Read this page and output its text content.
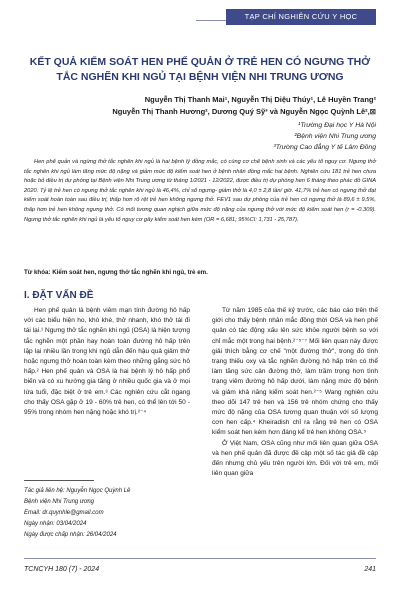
TẠP CHÍ NGHIÊN CỨU Y HỌC
KẾT QUẢ KIỂM SOÁT HEN PHẾ QUẢN Ở TRẺ HEN CÓ NGƯNG THỞ TẮC NGHẼN KHI NGỦ TẠI BỆNH VIỆN NHI TRUNG ƯƠNG
Nguyễn Thị Thanh Mai¹, Nguyễn Thị Diệu Thúy¹, Lê Huyền Trang²
Nguyễn Thị Thanh Hương², Dương Quý Sỹ³ và Nguyễn Ngọc Quỳnh Lê²,⊠
¹Trường Đại học Y Hà Nội
²Bệnh viện Nhi Trung ương
³Trường Cao đẳng Y tế Lâm Đồng
Hen phế quản và ngừng thở tắc nghẽn khi ngủ là hai bệnh lý đồng mắc, có cùng cơ chế bệnh sinh và các yếu tố nguy cơ. Ngưng thở tắc nghẽn khi ngủ làm tăng mức độ nặng và giảm mức độ kiểm soát hen ở bệnh nhân đồng mắc hai bệnh. Nghiên cứu 181 trẻ hen chưa hoặc bỏ điều trị dự phòng tại Bệnh viện Nhi Trung ương từ tháng 1/2021 - 12/2022, được điều trị dự phòng hen 6 tháng theo phác đồ GINA 2020. Tỷ lệ trẻ hen có ngưng thở tắc nghẽn khi ngủ là 46,4%, chỉ số ngưng- giảm thở là 4,0 ± 2,8 lần/ giờ. 41,7% trẻ hen có ngưng thở đạt kiểm soát hoàn toàn sau điều trị, thấp hơn rõ rệt trẻ hen không ngưng thở. FEV1 sau dự phòng của trẻ hen có ngưng thở là 89,6 ± 9,5%, thấp hơn trẻ hen không ngưng thở. Có mối tương quan nghịch giữa mức độ nặng của ngưng thở với mức độ kiểm soát hen (r = -0.309). Ngưng thở tắc nghẽn khi ngủ là yếu tố nguy cơ gây kiểm soát hen kém (OR = 6,681; 95%CI: 1,731 - 25,787).
Từ khóa: Kiểm soát hen, ngưng thở tắc nghẽn khi ngủ, trẻ em.
I. ĐẶT VẤN ĐỀ

Hen phế quản là bệnh viêm mạn tính đường hô hấp với các biểu hiện ho, khò khè, thở nhanh, khó thở tái đi tái lại.¹ Ngưng thở tắc nghẽn khi ngủ (OSA) là hiện tượng tắc nghẽn một phần hay hoàn toàn đường hô hấp trên lặp lại nhiều lần trong khi ngủ dẫn đến hậu quả giảm thở hoặc ngưng thở hoàn toàn kèm theo những gắng sức hô hấp.² Hen phế quản và OSA là hai bệnh lý hô hấp phổ biến và có xu hướng gia tăng ở nhiều quốc gia và ở mọi lứa tuổi, đặc biệt ở trẻ em.³ Các nghiên cứu cắt ngang cho thấy OSA gặp ở 19 - 60% trẻ hen, có thể lên tới 50 - 95% trong nhóm hen nặng hoặc khó trị.²⁻⁴

Từ năm 1985 của thế kỷ trước, các báo cáo trên thế giới cho thấy bệnh nhân mắc đồng thời OSA và hen phế quản có tác động xấu lên sức khỏe người bệnh so với chỉ mắc một trong hai bệnh.²⁻⁵⁻⁷ Mối liên quan này được giải thích bằng cơ chế "một đường thở", trong đó tình trạng thiếu oxy và tắc nghẽn đường hô hấp trên có thể làm tăng sức cản đường thở, làm trầm trọng hơn tình trạng viêm đường hô hấp dưới, làm nặng mức độ bệnh và giảm khả năng kiểm soát hen.²⁻⁵ Wang nghiên cứu theo dõi 147 trẻ hen và 156 trẻ nhóm chứng cho thấy mức độ nặng của OSA tương quan thuận với số lượng cơn hen cấp.⁴ Kheiradish chỉ ra rằng trẻ hen có OSA kiểm soát hen kém hơn đáng kể trẻ hen không OSA.⁵

Ở Việt Nam, OSA cũng như mối liên quan giữa OSA và hen phế quản đã được đề cập một số tác giả đề cập đến nhưng chủ yếu trên người lớn. Đối với trẻ em, mối liên quan giữa

Tác giả liên hệ: Nguyễn Ngọc Quỳnh Lê
Bệnh viện Nhi Trung ương
Email: dr.quynhle@gmail.com
Ngày nhận: 03/04/2024
Ngày được chấp nhận: 26/04/2024
TCNCYH 180 (7) - 2024	241
